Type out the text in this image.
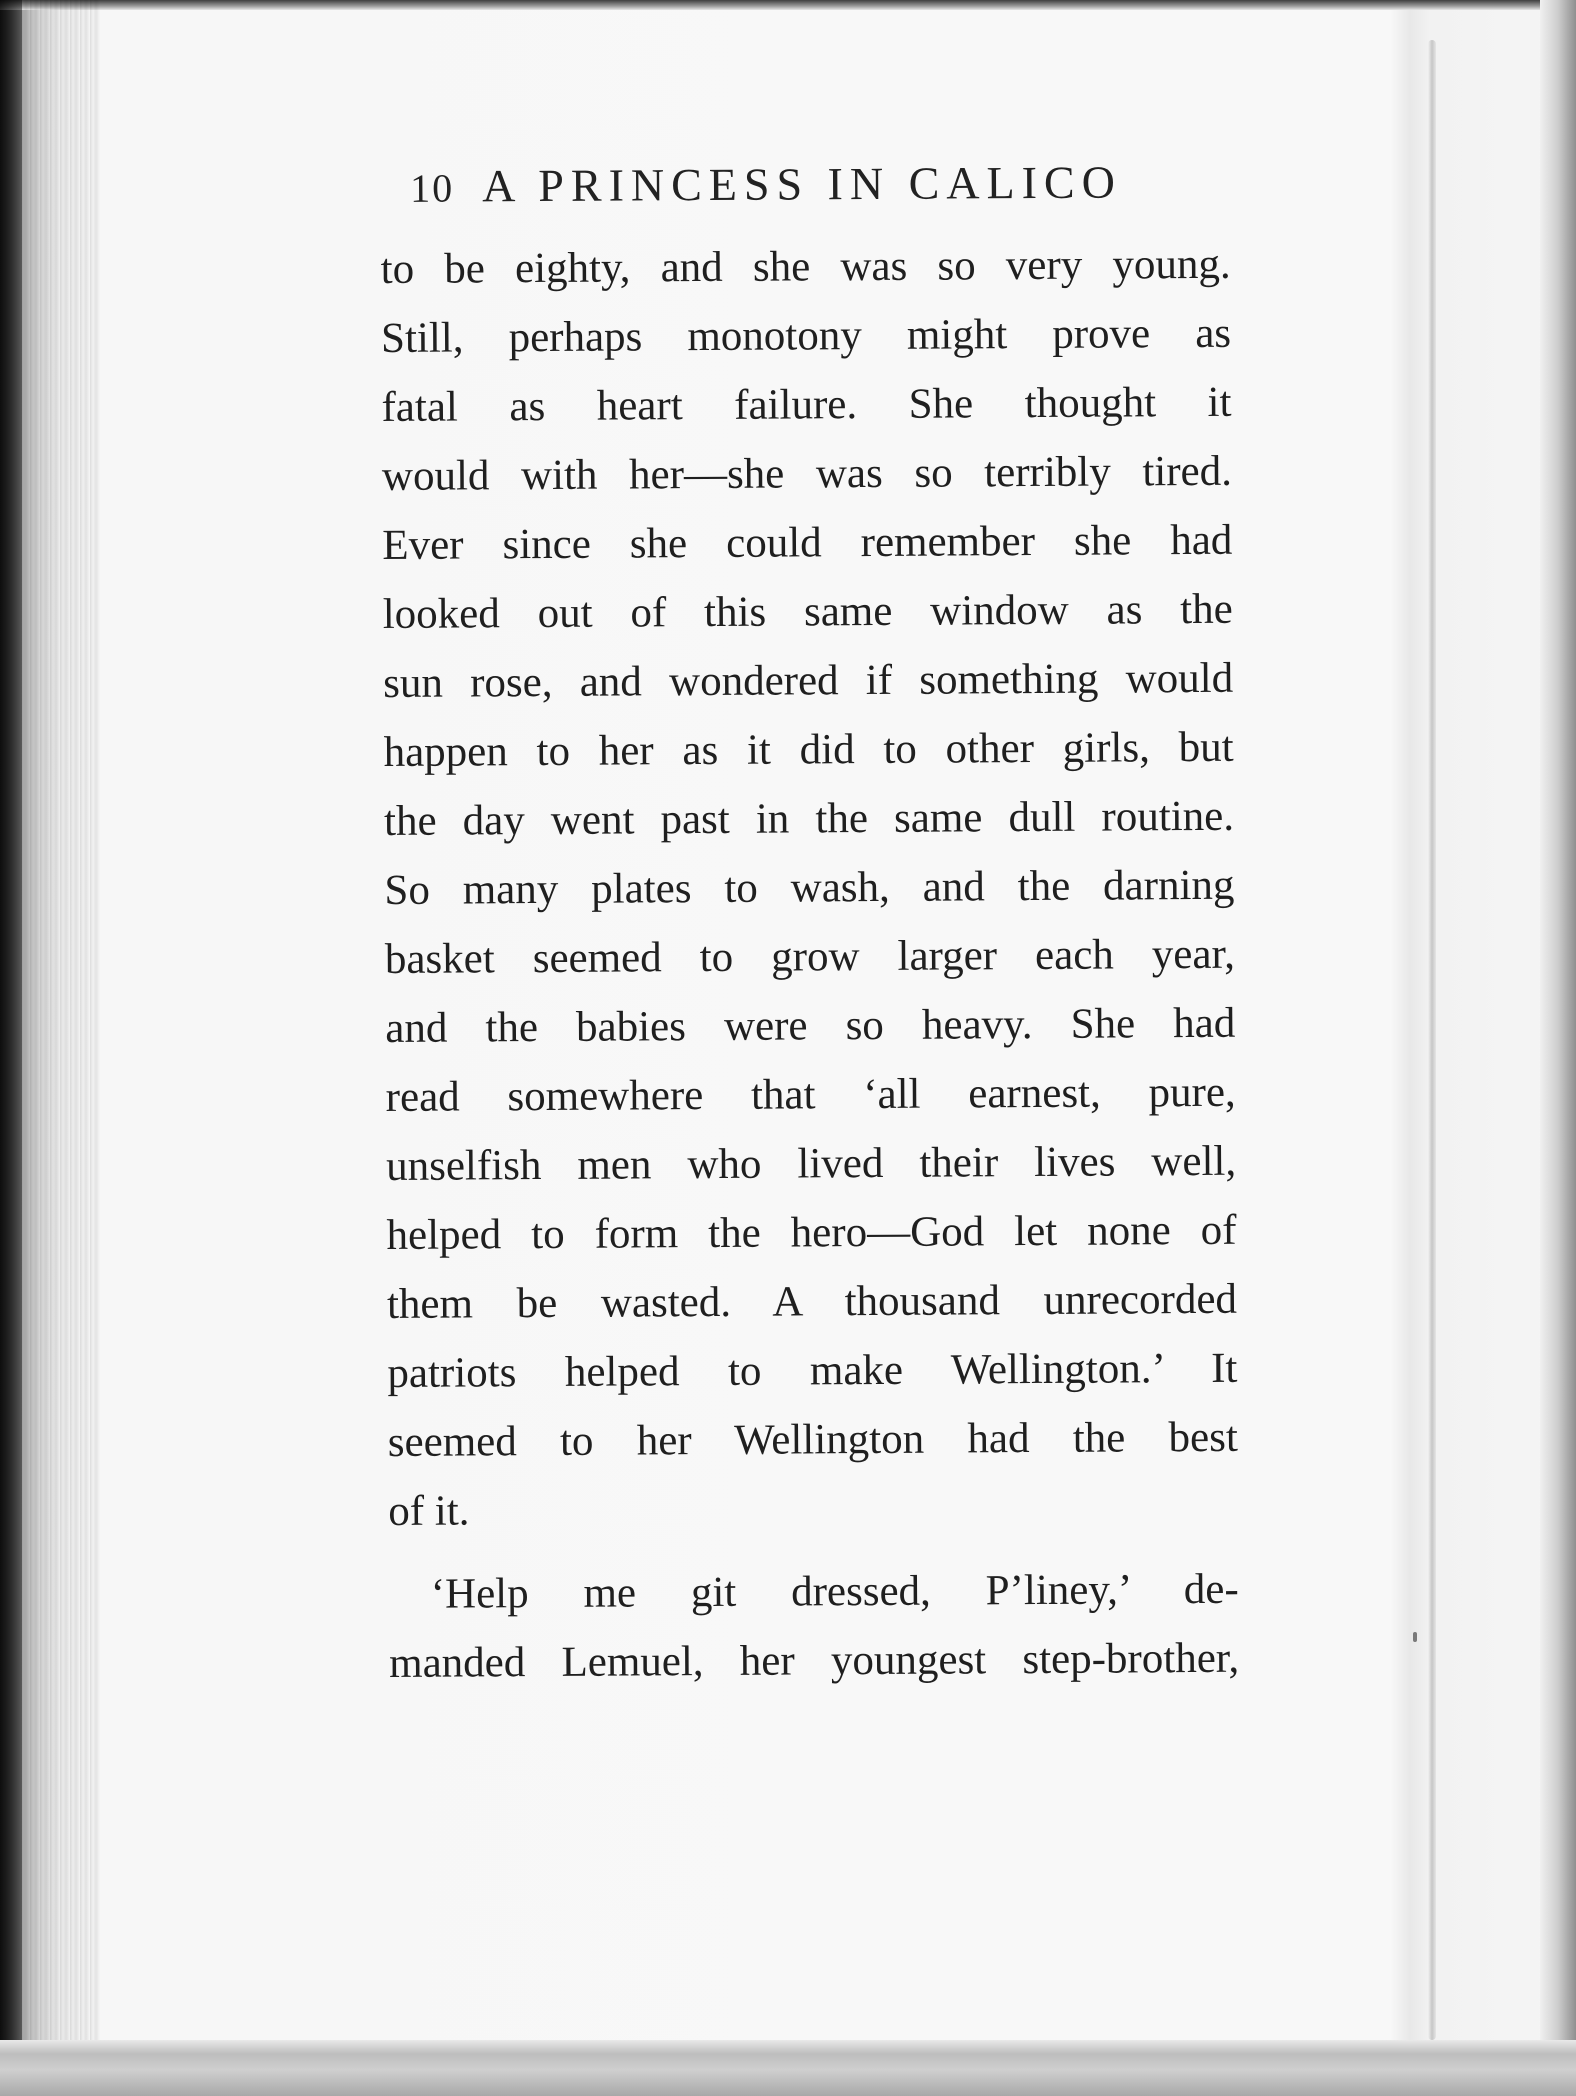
10 A PRINCESS IN CALICO
to be eighty, and she was so very young.
Still, perhaps monotony might prove as
fatal as heart failure. She thought it
would with her—she was so terribly tired.
Ever since she could remember she had
looked out of this same window as the
sun rose, and wondered if something would
happen to her as it did to other girls, but
the day went past in the same dull routine.
So many plates to wash, and the darning
basket seemed to grow larger each year,
and the babies were so heavy. She had
read somewhere that ‘all earnest, pure,
unselfish men who lived their lives well,
helped to form the hero—God let none of
them be wasted. A thousand unrecorded
patriots helped to make Wellington.’ It
seemed to her Wellington had the best
of it.
‘Help me git dressed, P’liney,’ de-
manded Lemuel, her youngest step-brother,
